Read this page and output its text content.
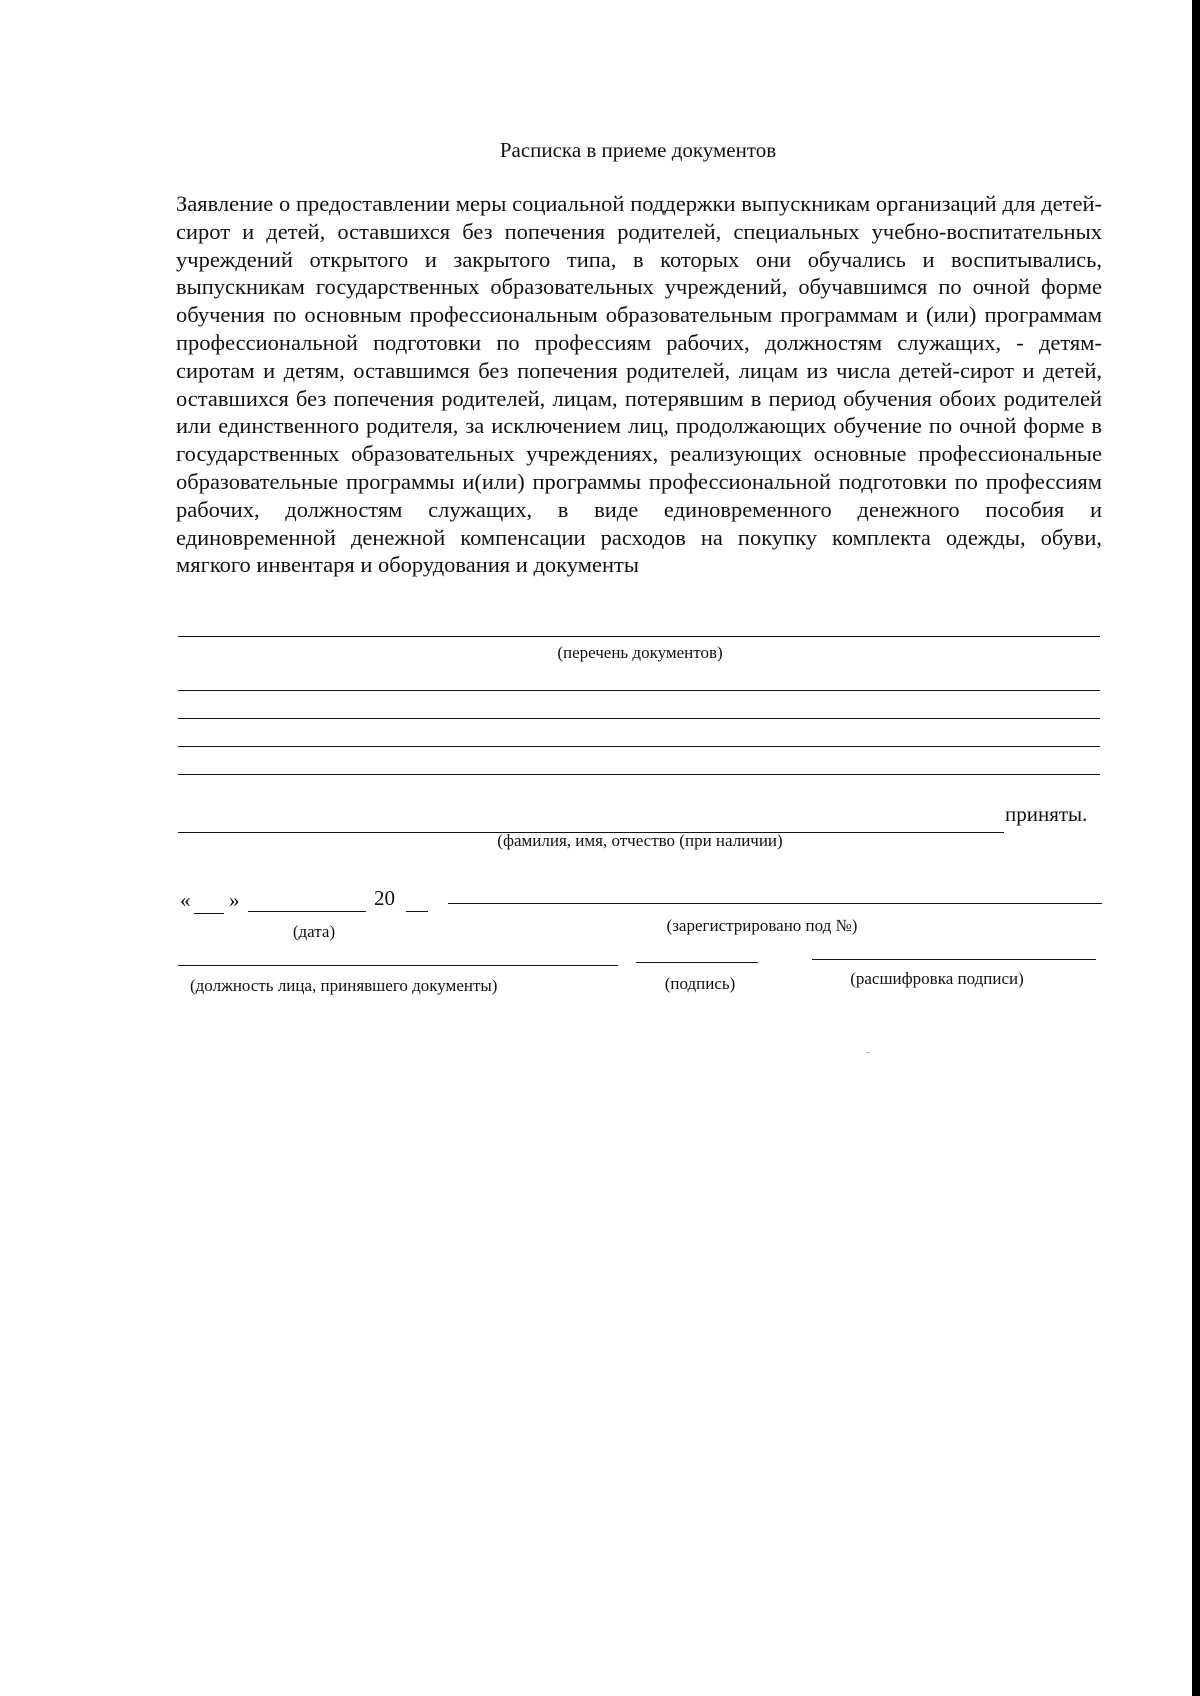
Расписка в приеме документов
Заявление о предоставлении меры социальной поддержки выпускникам организаций для детей-сирот и детей, оставшихся без попечения родителей, специальных учебно-воспитательных учреждений открытого и закрытого типа, в которых они обучались и воспитывались, выпускникам государственных образовательных учреждений, обучавшимся по очной форме обучения по основным профессиональным образовательным программам и (или) программам профессиональной подготовки по профессиям рабочих, должностям служащих, - детям-сиротам и детям, оставшимся без попечения родителей, лицам из числа детей-сирот и детей, оставшихся без попечения родителей, лицам, потерявшим в период обучения обоих родителей или единственного родителя, за исключением лиц, продолжающих обучение по очной форме в государственных образовательных учреждениях, реализующих основные профессиональные образовательные программы и(или) программы профессиональной подготовки по профессиям рабочих, должностям служащих, в виде единовременного денежного пособия и единовременной денежной компенсации расходов на покупку комплекта одежды, обуви, мягкого инвентаря и оборудования и документы
(перечень документов)
приняты.
(фамилия, имя, отчество (при наличии)
« »	20
(дата)	(зарегистрировано под №)
(должность лица, принявшего документы)	(подпись)	(расшифровка подписи)
